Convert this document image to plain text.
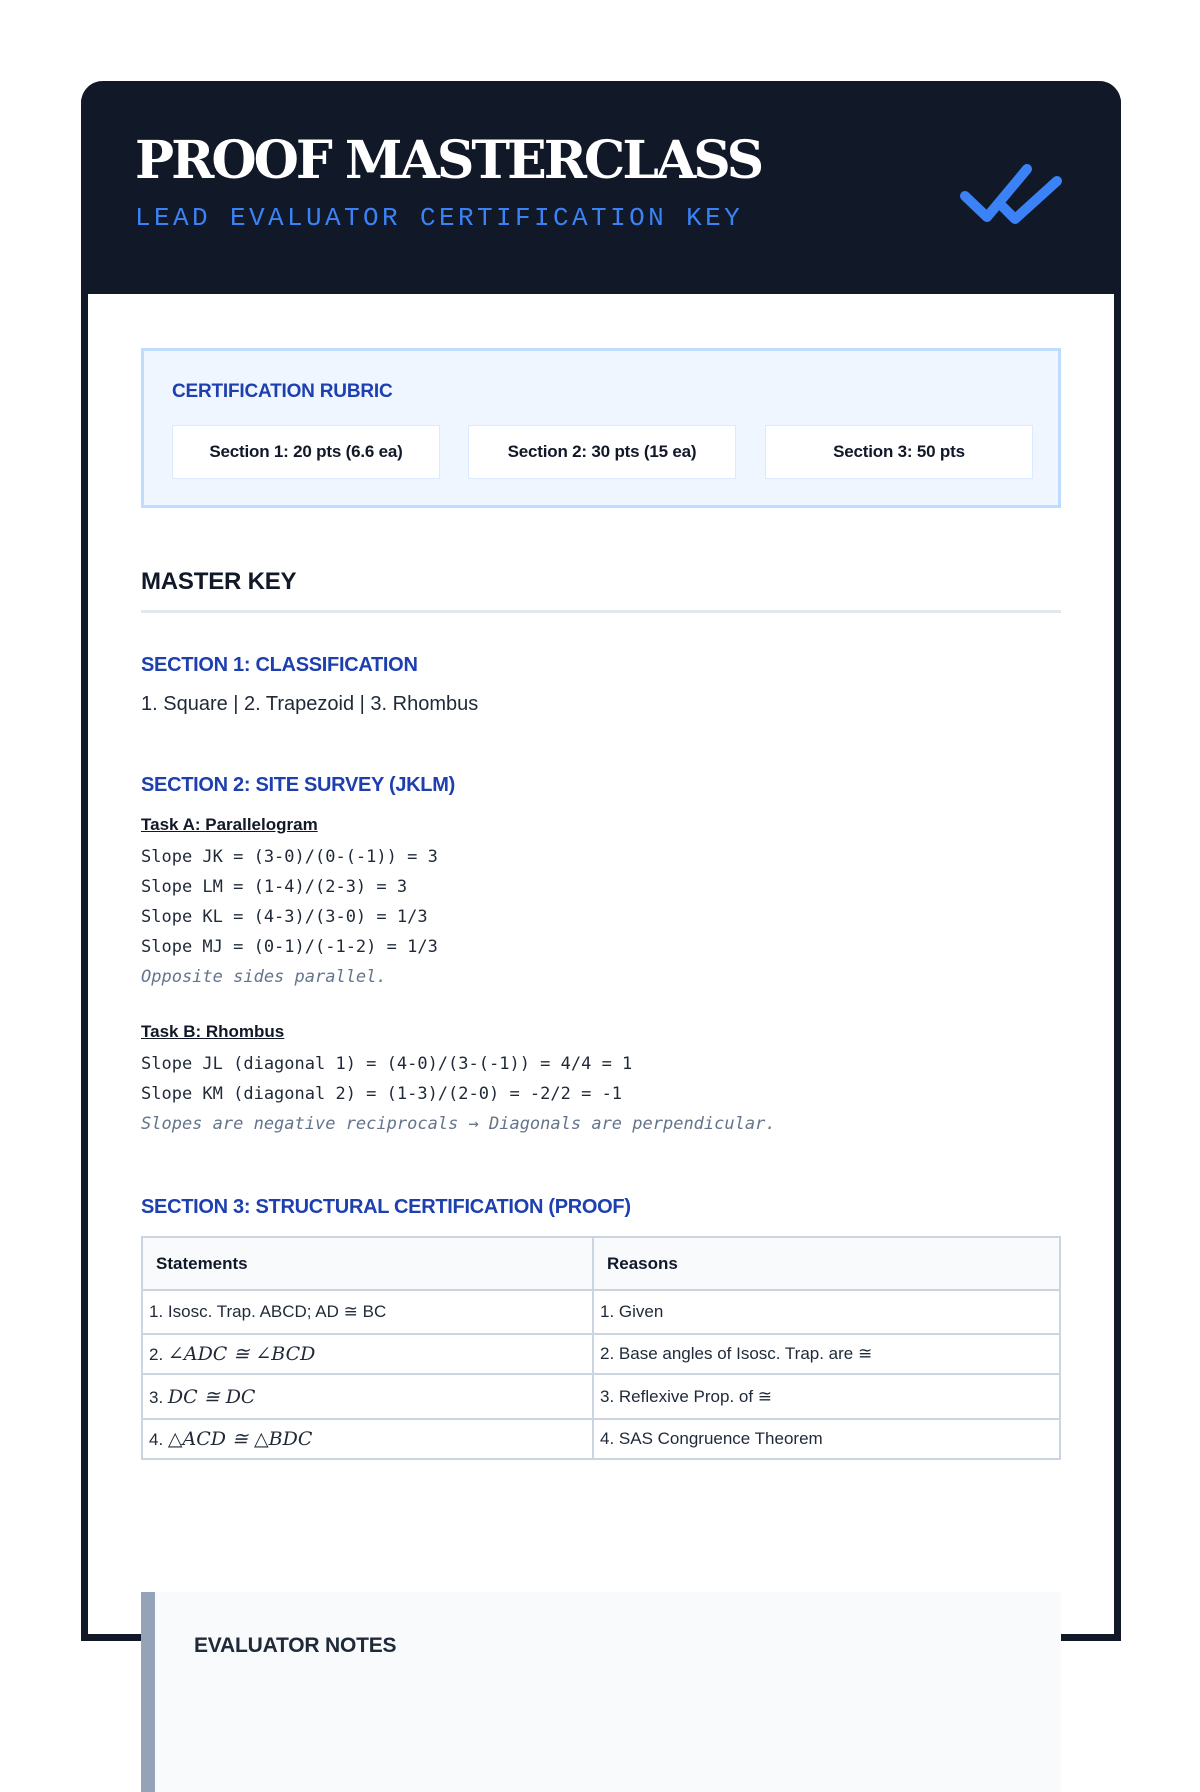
PROOF MASTERCLASS
LEAD EVALUATOR CERTIFICATION KEY
CERTIFICATION RUBRIC
Section 1: 20 pts (6.6 ea)	Section 2: 30 pts (15 ea)	Section 3: 50 pts
MASTER KEY
SECTION 1: CLASSIFICATION
1. Square | 2. Trapezoid | 3. Rhombus
SECTION 2: SITE SURVEY (JKLM)
Task A: Parallelogram
Slope JK = (3-0)/(0-(-1)) = 3
Slope LM = (1-4)/(2-3) = 3
Slope KL = (4-3)/(3-0) = 1/3
Slope MJ = (0-1)/(-1-2) = 1/3
Opposite sides parallel.
Task B: Rhombus
Slope JL (diagonal 1) = (4-0)/(3-(-1)) = 4/4 = 1
Slope KM (diagonal 2) = (1-3)/(2-0) = -2/2 = -1
Slopes are negative reciprocals → Diagonals are perpendicular.
SECTION 3: STRUCTURAL CERTIFICATION (PROOF)
Statements	Reasons
1. Isosc. Trap. ABCD; AD ≅ BC	1. Given
2. ∠ADC ≅ ∠BCD	2. Base angles of Isosc. Trap. are ≅
3. DC ≅ DC	3. Reflexive Prop. of ≅
4. △ACD ≅ △BDC	4. SAS Congruence Theorem
EVALUATOR NOTES
